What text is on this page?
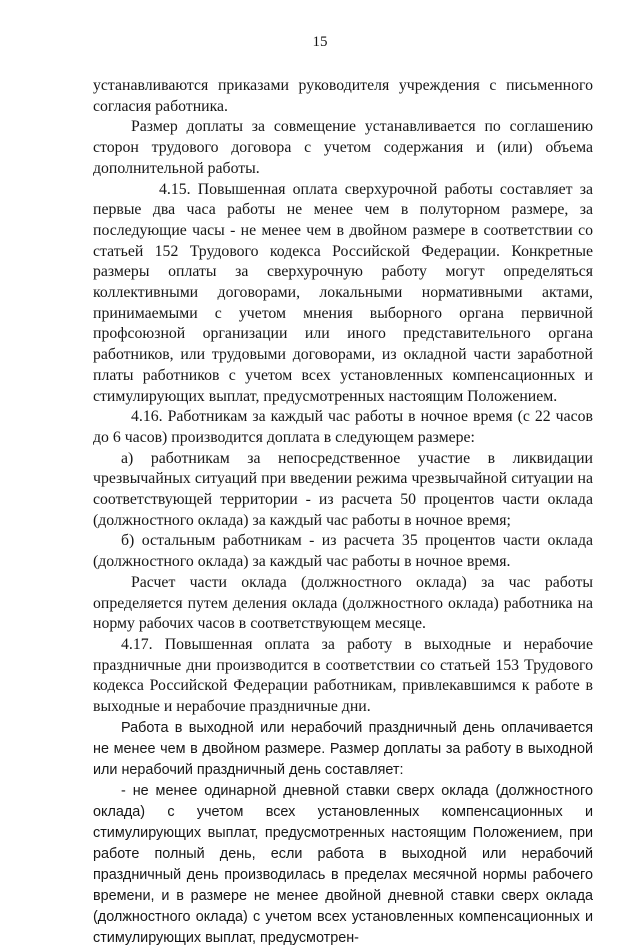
15

устанавливаются приказами руководителя учреждения с письменного согласия работника.

Размер доплаты за совмещение устанавливается по соглашению сторон трудового договора с учетом содержания и (или) объема дополнительной работы.

4.15. Повышенная оплата сверхурочной работы составляет за первые два часа работы не менее чем в полуторном размере, за последующие часы - не менее чем в двойном размере в соответствии со статьей 152 Трудового кодекса Российской Федерации. Конкретные размеры оплаты за сверхурочную работу могут определяться коллективными договорами, локальными нормативными актами, принимаемыми с учетом мнения выборного органа первичной профсоюзной организации или иного представительного органа работников, или трудовыми договорами, из окладной части заработной платы работников с учетом всех установленных компенсационных и стимулирующих выплат, предусмотренных настоящим Положением.

4.16. Работникам за каждый час работы в ночное время (с 22 часов до 6 часов) производится доплата в следующем размере:

а) работникам за непосредственное участие в ликвидации чрезвычайных ситуаций при введении режима чрезвычайной ситуации на соответствующей территории - из расчета 50 процентов части оклада (должностного оклада) за каждый час работы в ночное время;

б) остальным работникам - из расчета 35 процентов части оклада (должностного оклада) за каждый час работы в ночное время.

Расчет части оклада (должностного оклада) за час работы определяется путем деления оклада (должностного оклада) работника на норму рабочих часов в соответствующем месяце.

4.17. Повышенная оплата за работу в выходные и нерабочие праздничные дни производится в соответствии со статьей 153 Трудового кодекса Российской Федерации работникам, привлекавшимся к работе в выходные и нерабочие праздничные дни.

Работа в выходной или нерабочий праздничный день оплачивается не менее чем в двойном размере. Размер доплаты за работу в выходной или нерабочий праздничный день составляет:

- не менее одинарной дневной ставки сверх оклада (должностного оклада) с учетом всех установленных компенсационных и стимулирующих выплат, предусмотренных настоящим Положением, при работе полный день, если работа в выходной или нерабочий праздничный день производилась в пределах месячной нормы рабочего времени, и в размере не менее двойной дневной ставки сверх оклада (должностного оклада) с учетом всех установленных компенсационных и стимулирующих выплат, предусмотрен-
